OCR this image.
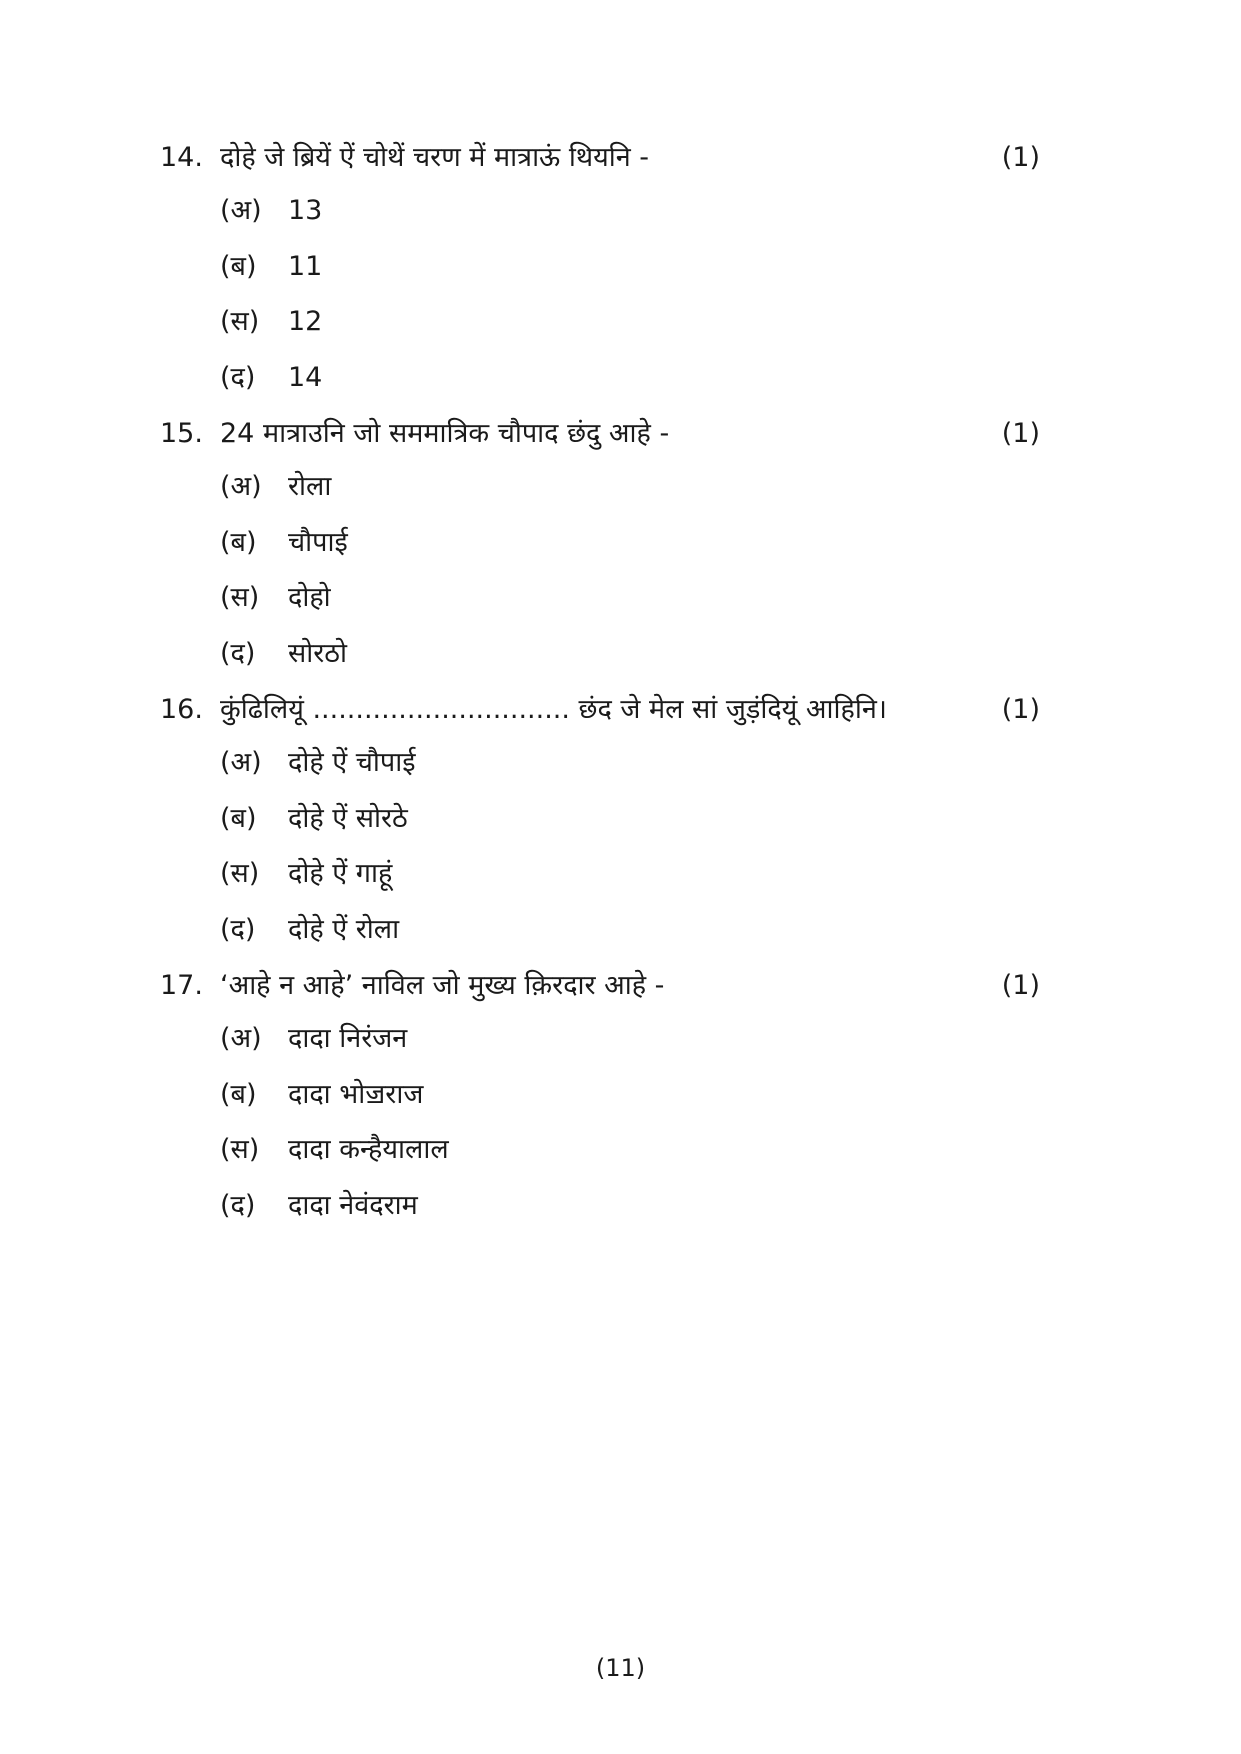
14. दोहे जे ब्रियें ऐं चोथें चरण में मात्राऊं थियनि -	(1)
(अ) 13
(ब) 11
(स) 12
(द) 14
15. 24 मात्राउनि जो सममात्रिक चौपाद छंदु आहे -	(1)
(अ) रोला
(ब) चौपाई
(स) दोहो
(द) सोरठो
16. कुंढिलियूं .............................. छंद जे मेल सां जुड़ंदियूं आहिनि।	(1)
(अ) दोहे ऐं चौपाई
(ब) दोहे ऐं सोरठे
(स) दोहे ऐं गाहूं
(द) दोहे ऐं रोला
17. ‘आहे न आहे’ नाविल जो मुख्य क़िरदार आहे -	(1)
(अ) दादा निरंजन
(ब) दादा भोॼराज
(स) दादा कन्हैयालाल
(द) दादा नेवंदराम
(11)
